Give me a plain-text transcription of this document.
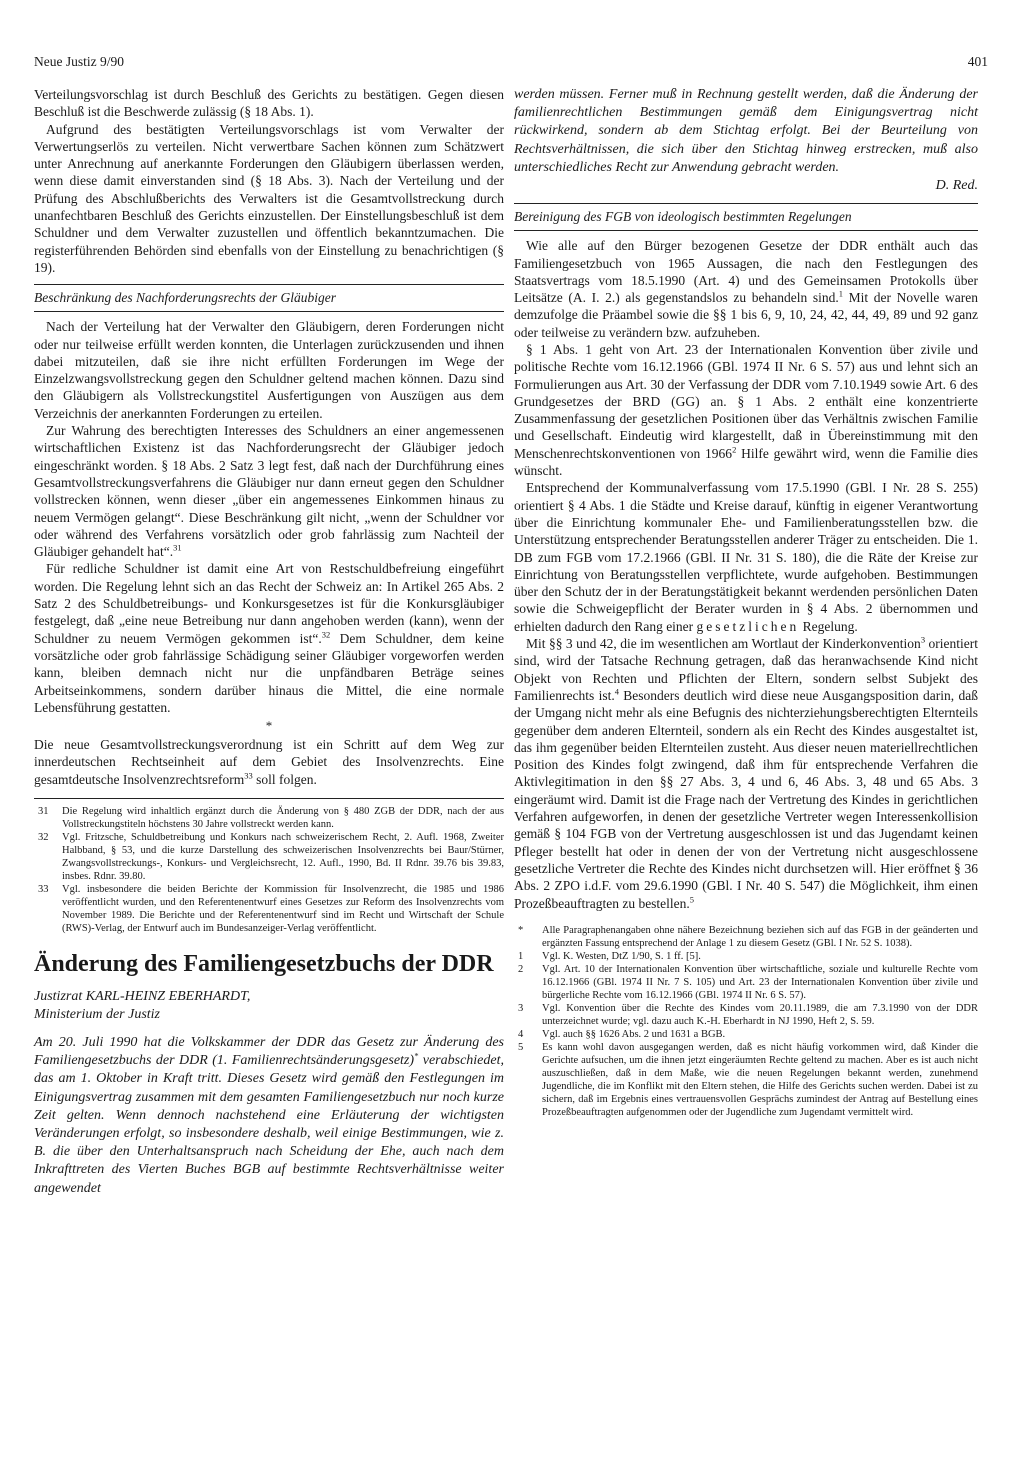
Neue Justiz 9/90	401

Verteilungsvorschlag ist durch Beschluß des Gerichts zu bestätigen. Gegen diesen Beschluß ist die Beschwerde zulässig (§ 18 Abs. 1).

Aufgrund des bestätigten Verteilungsvorschlags ist vom Verwalter der Verwertungserlös zu verteilen. Nicht verwertbare Sachen können zum Schätzwert unter Anrechnung auf anerkannte Forderungen den Gläubigern überlassen werden, wenn diese damit einverstanden sind (§ 18 Abs. 3). Nach der Verteilung und der Prüfung des Abschlußberichts des Verwalters ist die Gesamtvollstreckung durch unanfechtbaren Beschluß des Gerichts einzustellen. Der Einstellungsbeschluß ist dem Schuldner und dem Verwalter zuzustellen und öffentlich bekanntzumachen. Die registerführenden Behörden sind ebenfalls von der Einstellung zu benachrichtigen (§ 19).

Beschränkung des Nachforderungsrechts der Gläubiger

Nach der Verteilung hat der Verwalter den Gläubigern, deren Forderungen nicht oder nur teilweise erfüllt werden konnten, die Unterlagen zurückzusenden und ihnen dabei mitzuteilen, daß sie ihre nicht erfüllten Forderungen im Wege der Einzelzwangsvollstreckung gegen den Schuldner geltend machen können. Dazu sind den Gläubigern als Vollstreckungstitel Ausfertigungen von Auszügen aus dem Verzeichnis der anerkannten Forderungen zu erteilen.

Zur Wahrung des berechtigten Interesses des Schuldners an einer angemessenen wirtschaftlichen Existenz ist das Nachforderungsrecht der Gläubiger jedoch eingeschränkt worden. § 18 Abs. 2 Satz 3 legt fest, daß nach der Durchführung eines Gesamtvollstreckungsverfahrens die Gläubiger nur dann erneut gegen den Schuldner vollstrecken können, wenn dieser „über ein angemessenes Einkommen hinaus zu neuem Vermögen gelangt“. Diese Beschränkung gilt nicht, „wenn der Schuldner vor oder während des Verfahrens vorsätzlich oder grob fahrlässig zum Nachteil der Gläubiger gehandelt hat“.$^{31}$

Für redliche Schuldner ist damit eine Art von Restschuldbefreiung eingeführt worden. Die Regelung lehnt sich an das Recht der Schweiz an: In Artikel 265 Abs. 2 Satz 2 des Schuldbetreibungs- und Konkursgesetzes ist für die Konkursgläubiger festgelegt, daß „eine neue Betreibung nur dann angehoben werden (kann), wenn der Schuldner zu neuem Vermögen gekommen ist“.$^{32}$ Dem Schuldner, dem keine vorsätzliche oder grob fahrlässige Schädigung seiner Gläubiger vorgeworfen werden kann, bleiben demnach nicht nur die unpfändbaren Beträge seines Arbeitseinkommens, sondern darüber hinaus die Mittel, die eine normale Lebensführung gestatten.

*

Die neue Gesamtvollstreckungsverordnung ist ein Schritt auf dem Weg zur innerdeutschen Rechtseinheit auf dem Gebiet des Insolvenzrechts. Eine gesamtdeutsche Insolvenzrechtsreform$^{33}$ soll folgen.

31	Die Regelung wird inhaltlich ergänzt durch die Änderung von § 480 ZGB der DDR, nach der aus Vollstreckungstiteln höchstens 30 Jahre vollstreckt werden kann.
32	Vgl. Fritzsche, Schuldbetreibung und Konkurs nach schweizerischem Recht, 2. Aufl. 1968, Zweiter Halbband, § 53, und die kurze Darstellung des schweizerischen Insolvenzrechts bei Baur/Stürner, Zwangsvollstreckungs-, Konkurs- und Vergleichsrecht, 12. Aufl., 1990, Bd. II Rdnr. 39.76 bis 39.83, insbes. Rdnr. 39.80.
33	Vgl. insbesondere die beiden Berichte der Kommission für Insolvenzrecht, die 1985 und 1986 veröffentlicht wurden, und den Referentenentwurf eines Gesetzes zur Reform des Insolvenzrechts vom November 1989. Die Berichte und der Referentenentwurf sind im Recht und Wirtschaft der Schule (RWS)-Verlag, der Entwurf auch im Bundesanzeiger-Verlag veröffentlicht.
Änderung des Familiengesetzbuchs der DDR
Justizrat KARL-HEINZ EBERHARDT,
Ministerium der Justiz

Am 20. Juli 1990 hat die Volkskammer der DDR das Gesetz zur Änderung des Familiengesetzbuchs der DDR (1. Familienrechtsänderungsgesetz)* verabschiedet, das am 1. Oktober in Kraft tritt. Dieses Gesetz wird gemäß den Festlegungen im Einigungsvertrag zusammen mit dem gesamten Familiengesetzbuch nur noch kurze Zeit gelten. Wenn dennoch nachstehend eine Erläuterung der wichtigsten Veränderungen erfolgt, so insbesondere deshalb, weil einige Bestimmungen, wie z. B. die über den Unterhaltsanspruch nach Scheidung der Ehe, auch nach dem Inkrafttreten des Vierten Buches BGB auf bestimmte Rechtsverhältnisse weiter angewendet

werden müssen. Ferner muß in Rechnung gestellt werden, daß die Änderung der familienrechtlichen Bestimmungen gemäß dem Einigungsvertrag nicht rückwirkend, sondern ab dem Stichtag erfolgt. Bei der Beurteilung von Rechtsverhältnissen, die sich über den Stichtag hinweg erstrecken, muß also unterschiedliches Recht zur Anwendung gebracht werden.

D. Red.

Bereinigung des FGB von ideologisch bestimmten Regelungen

Wie alle auf den Bürger bezogenen Gesetze der DDR enthält auch das Familiengesetzbuch von 1965 Aussagen, die nach den Festlegungen des Staatsvertrags vom 18.5.1990 (Art. 4) und des Gemeinsamen Protokolls über Leitsätze (A. I. 2.) als gegenstandslos zu behandeln sind.$^1$ Mit der Novelle waren demzufolge die Präambel sowie die §§ 1 bis 6, 9, 10, 24, 42, 44, 49, 89 und 92 ganz oder teilweise zu verändern bzw. aufzuheben.

§ 1 Abs. 1 geht von Art. 23 der Internationalen Konvention über zivile und politische Rechte vom 16.12.1966 (GBl. 1974 II Nr. 6 S. 57) aus und lehnt sich an Formulierungen aus Art. 30 der Verfassung der DDR vom 7.10.1949 sowie Art. 6 des Grundgesetzes der BRD (GG) an. § 1 Abs. 2 enthält eine konzentrierte Zusammenfassung der gesetzlichen Positionen über das Verhältnis zwischen Familie und Gesellschaft. Eindeutig wird klargestellt, daß in Übereinstimmung mit den Menschenrechtskonventionen von 1966$^2$ Hilfe gewährt wird, wenn die Familie dies wünscht.

Entsprechend der Kommunalverfassung vom 17.5.1990 (GBl. I Nr. 28 S. 255) orientiert § 4 Abs. 1 die Städte und Kreise darauf, künftig in eigener Verantwortung über die Einrichtung kommunaler Ehe- und Familienberatungsstellen bzw. die Unterstützung entsprechender Beratungsstellen anderer Träger zu entscheiden. Die 1. DB zum FGB vom 17.2.1966 (GBl. II Nr. 31 S. 180), die die Räte der Kreise zur Einrichtung von Beratungsstellen verpflichtete, wurde aufgehoben. Bestimmungen über den Schutz der in der Beratungstätigkeit bekannt werdenden persönlichen Daten sowie die Schweigepflicht der Berater wurden in § 4 Abs. 2 übernommen und erhielten dadurch den Rang einer gesetzlichen Regelung.

Mit §§ 3 und 42, die im wesentlichen am Wortlaut der Kinderkonvention$^3$ orientiert sind, wird der Tatsache Rechnung getragen, daß das heranwachsende Kind nicht Objekt von Rechten und Pflichten der Eltern, sondern selbst Subjekt des Familienrechts ist.$^4$ Besonders deutlich wird diese neue Ausgangsposition darin, daß der Umgang nicht mehr als eine Befugnis des nichterziehungsberechtigten Elternteils gegenüber dem anderen Elternteil, sondern als ein Recht des Kindes ausgestaltet ist, das ihm gegenüber beiden Elternteilen zusteht. Aus dieser neuen materiellrechtlichen Position des Kindes folgt zwingend, daß ihm für entsprechende Verfahren die Aktivlegitimation in den §§ 27 Abs. 3, 4 und 6, 46 Abs. 3, 48 und 65 Abs. 3 eingeräumt wird. Damit ist die Frage nach der Vertretung des Kindes in gerichtlichen Verfahren aufgeworfen, in denen der gesetzliche Vertreter wegen Interessenkollision gemäß § 104 FGB von der Vertretung ausgeschlossen ist und das Jugendamt keinen Pfleger bestellt hat oder in denen der von der Vertretung nicht ausgeschlossene gesetzliche Vertreter die Rechte des Kindes nicht durchsetzen will. Hier eröffnet § 36 Abs. 2 ZPO i.d.F. vom 29.6.1990 (GBl. I Nr. 40 S. 547) die Möglichkeit, ihm einen Prozeßbeauftragten zu bestellen.$^5$

*	Alle Paragraphenangaben ohne nähere Bezeichnung beziehen sich auf das FGB in der geänderten und ergänzten Fassung entsprechend der Anlage 1 zu diesem Gesetz (GBl. I Nr. 52 S. 1038).
1	Vgl. K. Westen, DtZ 1/90, S. 1 ff. [5].
2	Vgl. Art. 10 der Internationalen Konvention über wirtschaftliche, soziale und kulturelle Rechte vom 16.12.1966 (GBl. 1974 II Nr. 7 S. 105) und Art. 23 der Internationalen Konvention über zivile und bürgerliche Rechte vom 16.12.1966 (GBl. 1974 II Nr. 6 S. 57).
3	Vgl. Konvention über die Rechte des Kindes vom 20.11.1989, die am 7.3.1990 von der DDR unterzeichnet wurde; vgl. dazu auch K.-H. Eberhardt in NJ 1990, Heft 2, S. 59.
4	Vgl. auch §§ 1626 Abs. 2 und 1631 a BGB.
5	Es kann wohl davon ausgegangen werden, daß es nicht häufig vorkommen wird, daß Kinder die Gerichte aufsuchen, um die ihnen jetzt eingeräumten Rechte geltend zu machen. Aber es ist auch nicht auszuschließen, daß in dem Maße, wie die neuen Regelungen bekannt werden, zunehmend Jugendliche, die im Konflikt mit den Eltern stehen, die Hilfe des Gerichts suchen werden. Dabei ist zu sichern, daß im Ergebnis eines vertrauensvollen Gesprächs zumindest der Antrag auf Bestellung eines Prozeßbeauftragten aufgenommen oder der Jugendliche zum Jugendamt vermittelt wird.
